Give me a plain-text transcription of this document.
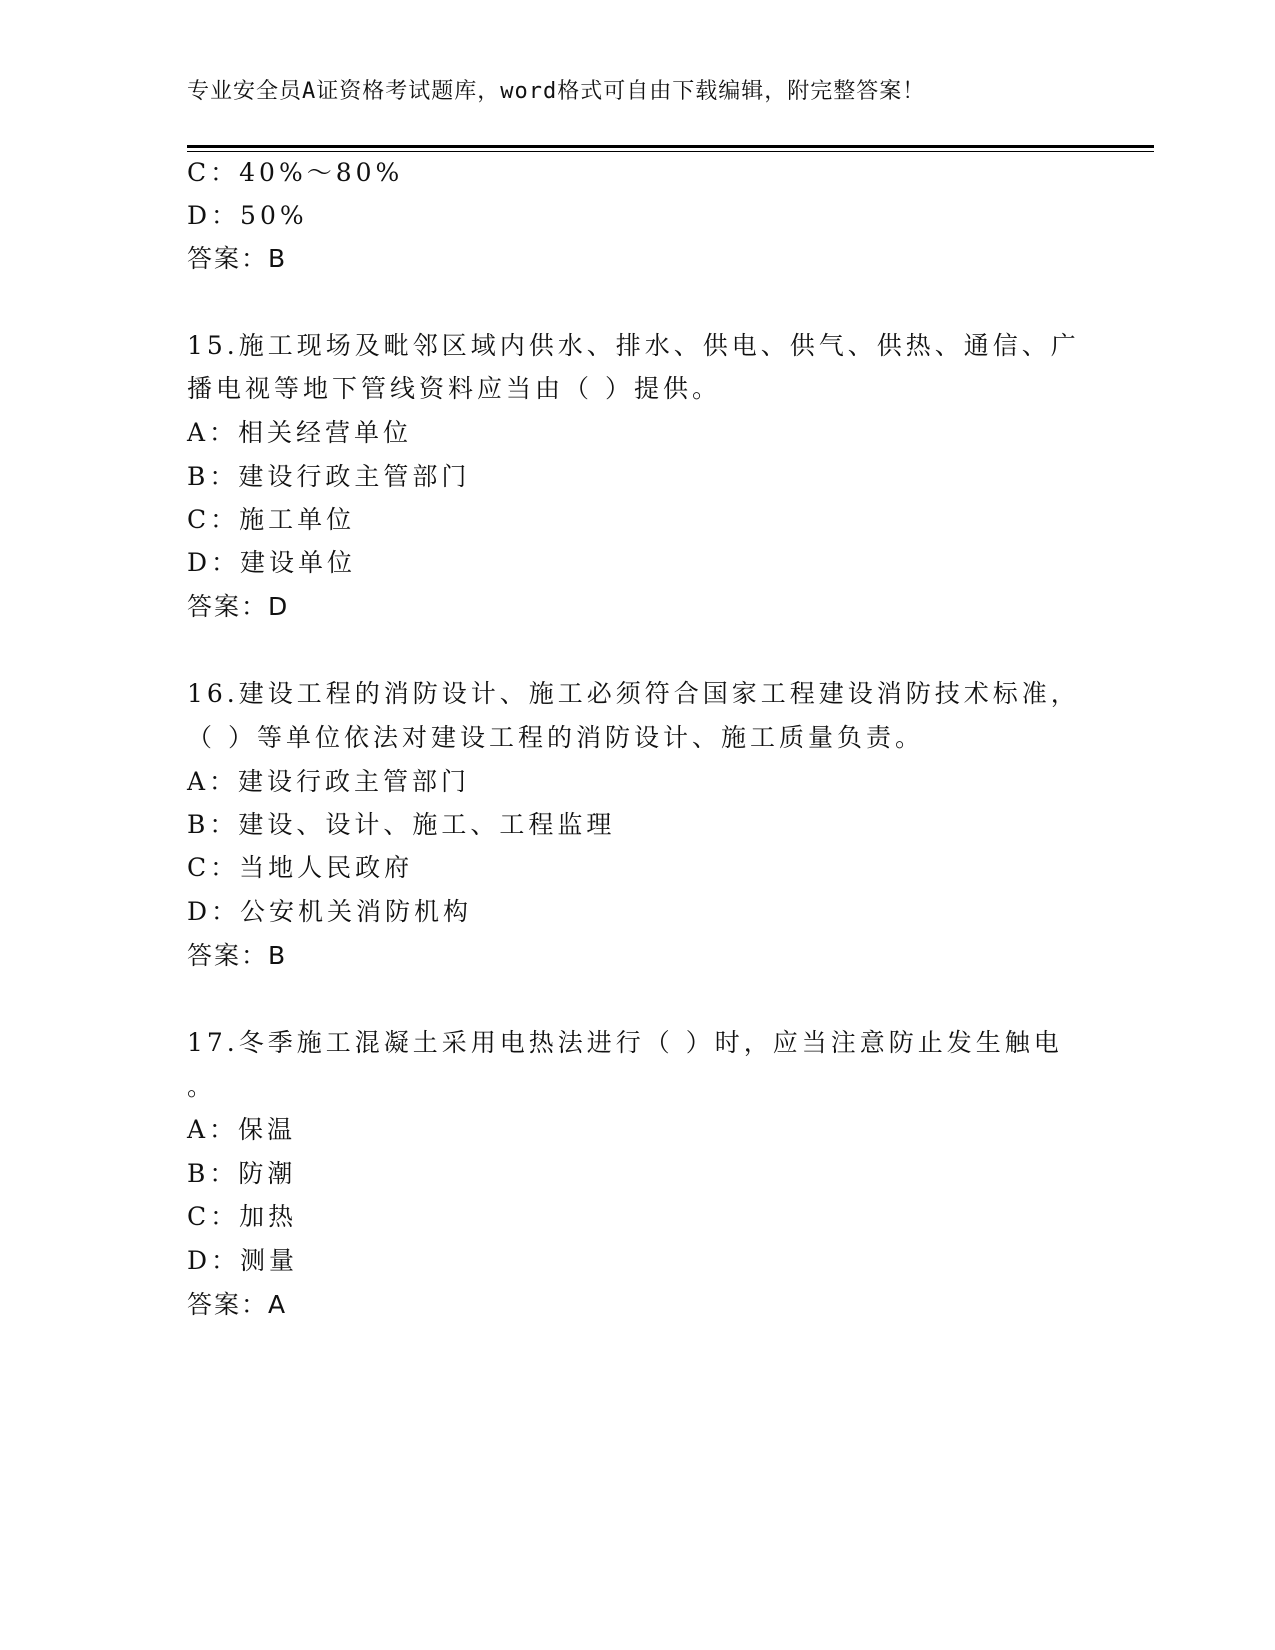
专业安全员A证资格考试题库，word格式可自由下载编辑，附完整答案！
C：40%～80%
D：50%
答案：B
15.施工现场及毗邻区域内供水、排水、供电、供气、供热、通信、广
播电视等地下管线资料应当由（ ）提供。
A：相关经营单位
B：建设行政主管部门
C：施工单位
D：建设单位
答案：D
16.建设工程的消防设计、施工必须符合国家工程建设消防技术标准，
（ ）等单位依法对建设工程的消防设计、施工质量负责。
A：建设行政主管部门
B：建设、设计、施工、工程监理
C：当地人民政府
D：公安机关消防机构
答案：B
17.冬季施工混凝土采用电热法进行（ ）时，应当注意防止发生触电
。
A：保温
B：防潮
C：加热
D：测量
答案：A
